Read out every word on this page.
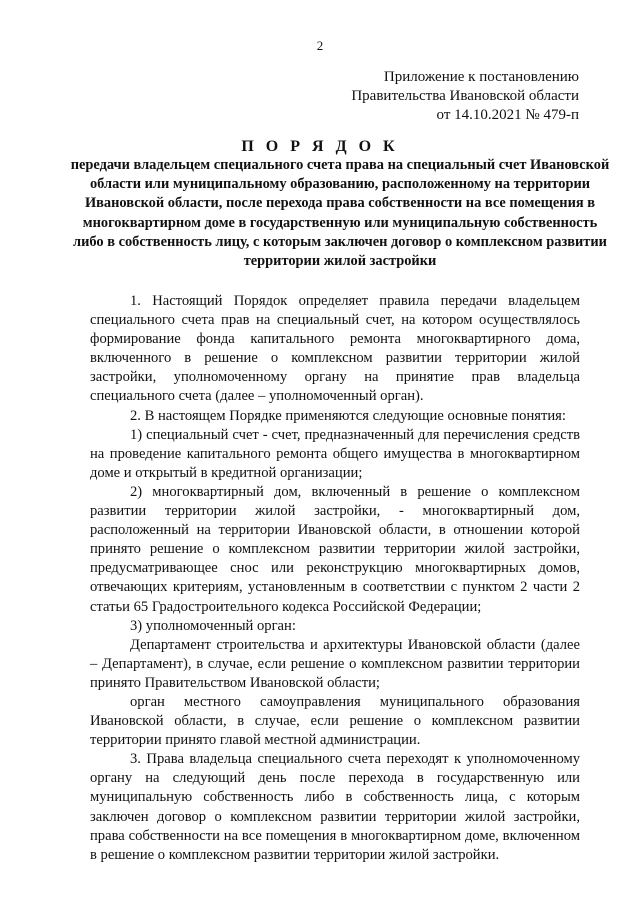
2
Приложение к постановлению
Правительства Ивановской области
от 14.10.2021 № 479-п
П О Р Я Д О К
передачи владельцем специального счета права на специальный счет Ивановской области или муниципальному образованию, расположенному на территории Ивановской области, после перехода права собственности на все помещения в многоквартирном доме в государственную или муниципальную собственность либо в собственность лицу, с которым заключен договор о комплексном развитии территории жилой застройки

1. Настоящий Порядок определяет правила передачи владельцем специального счета прав на специальный счет, на котором осуществлялось формирование фонда капитального ремонта многоквартирного дома, включенного в решение о комплексном развитии территории жилой застройки, уполномоченному органу на принятие прав владельца специального счета (далее – уполномоченный орган).

2. В настоящем Порядке применяются следующие основные понятия:

1) специальный счет - счет, предназначенный для перечисления средств на проведение капитального ремонта общего имущества в многоквартирном доме и открытый в кредитной организации;

2) многоквартирный дом, включенный в решение о комплексном развитии территории жилой застройки, - многоквартирный дом, расположенный на территории Ивановской области, в отношении которой принято решение о комплексном развитии территории жилой застройки, предусматривающее снос или реконструкцию многоквартирных домов, отвечающих критериям, установленным в соответствии с пунктом 2 части 2 статьи 65 Градостроительного кодекса Российской Федерации;

3) уполномоченный орган:

Департамент строительства и архитектуры Ивановской области (далее – Департамент), в случае, если решение о комплексном развитии территории принято Правительством Ивановской области;

орган местного самоуправления муниципального образования Ивановской области, в случае, если решение о комплексном развитии территории принято главой местной администрации.

3. Права владельца специального счета переходят к уполномоченному органу на следующий день после перехода в государственную или муниципальную собственность либо в собственность лица, с которым заключен договор о комплексном развитии территории жилой застройки, права собственности на все помещения в многоквартирном доме, включенном в решение о комплексном развитии территории жилой застройки.
